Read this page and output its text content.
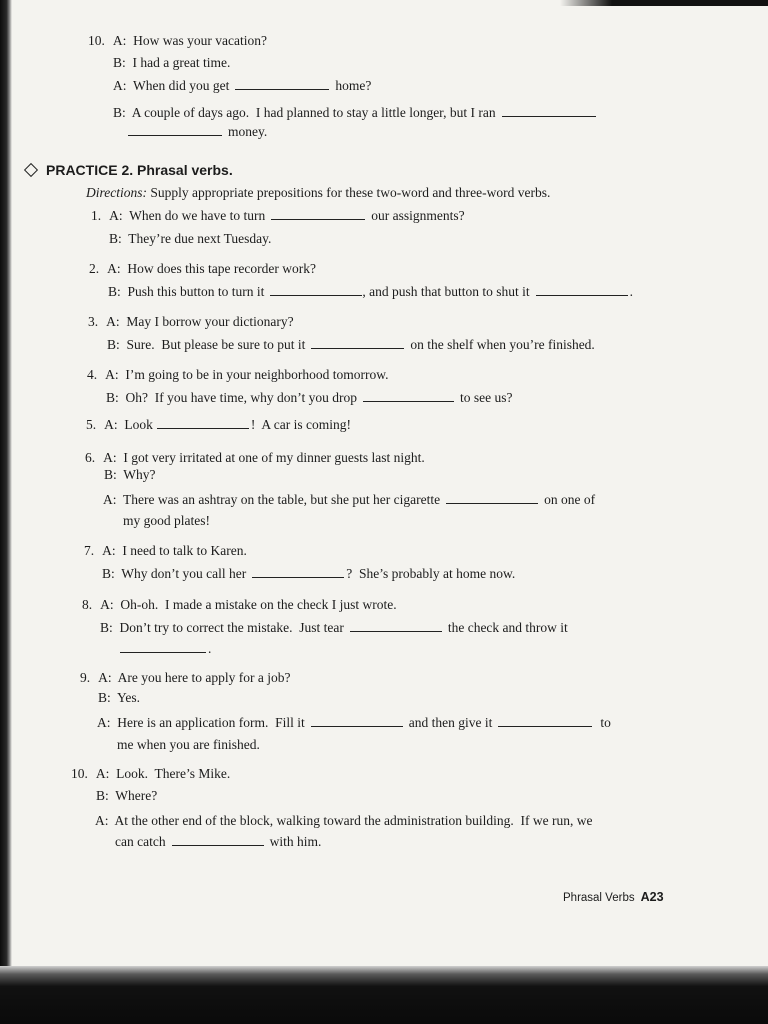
10. A:  How was your vacation?
B:  I had a great time.
A:  When did you get	home?
B:  A couple of days ago.  I had planned to stay a little longer, but I ran
money.
PRACTICE 2. Phrasal verbs.
Directions: Supply appropriate prepositions for these two-word and three-word verbs.
1. A:  When do we have to turn	our assignments?
B:  They’re due next Tuesday.
2. A:  How does this tape recorder work?
B:  Push this button to turn it	, and push that button to shut it	.
3. A:  May I borrow your dictionary?
B:  Sure.  But please be sure to put it	on the shelf when you’re finished.
4. A:  I’m going to be in your neighborhood tomorrow.
B:  Oh?  If you have time, why don’t you drop	to see us?
5. A:  Look	!  A car is coming!
6. A:  I got very irritated at one of my dinner guests last night.
B:  Why?
A:  There was an ashtray on the table, but she put her cigarette	on one of
my good plates!
7. A:  I need to talk to Karen.
B:  Why don’t you call her	?  She’s probably at home now.
8. A:  Oh-oh.  I made a mistake on the check I just wrote.
B:  Don’t try to correct the mistake.  Just tear	the check and throw it
.
9. A:  Are you here to apply for a job?
B:  Yes.
A:  Here is an application form.  Fill it	and then give it	to
me when you are finished.
10. A:  Look.  There’s Mike.
B:  Where?
A:  At the other end of the block, walking toward the administration building.  If we run, we
can catch	with him.
Phrasal Verbs A23
